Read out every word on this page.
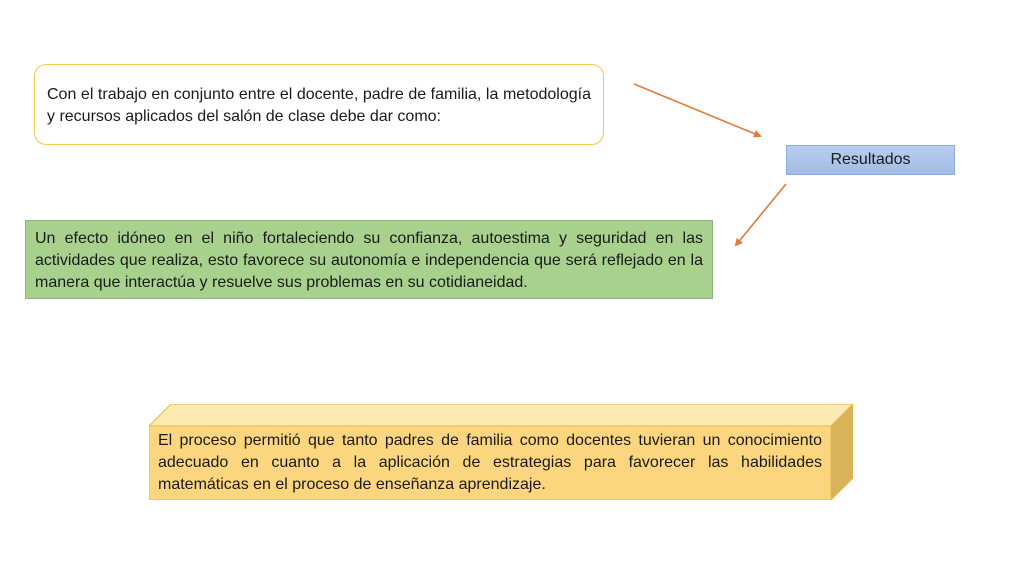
Con el trabajo en conjunto entre el docente, padre de familia, la metodología y recursos aplicados del salón de clase debe dar como:
Resultados
Un efecto idóneo en el niño fortaleciendo su confianza, autoestima y seguridad en las actividades que realiza, esto favorece su autonomía e independencia que será reflejado en la manera que interactúa y resuelve sus problemas en su cotidianeidad.
El proceso permitió que tanto padres de familia como docentes tuvieran un conocimiento adecuado en cuanto a la aplicación de estrategias para favorecer las habilidades matemáticas en el proceso de enseñanza aprendizaje.
